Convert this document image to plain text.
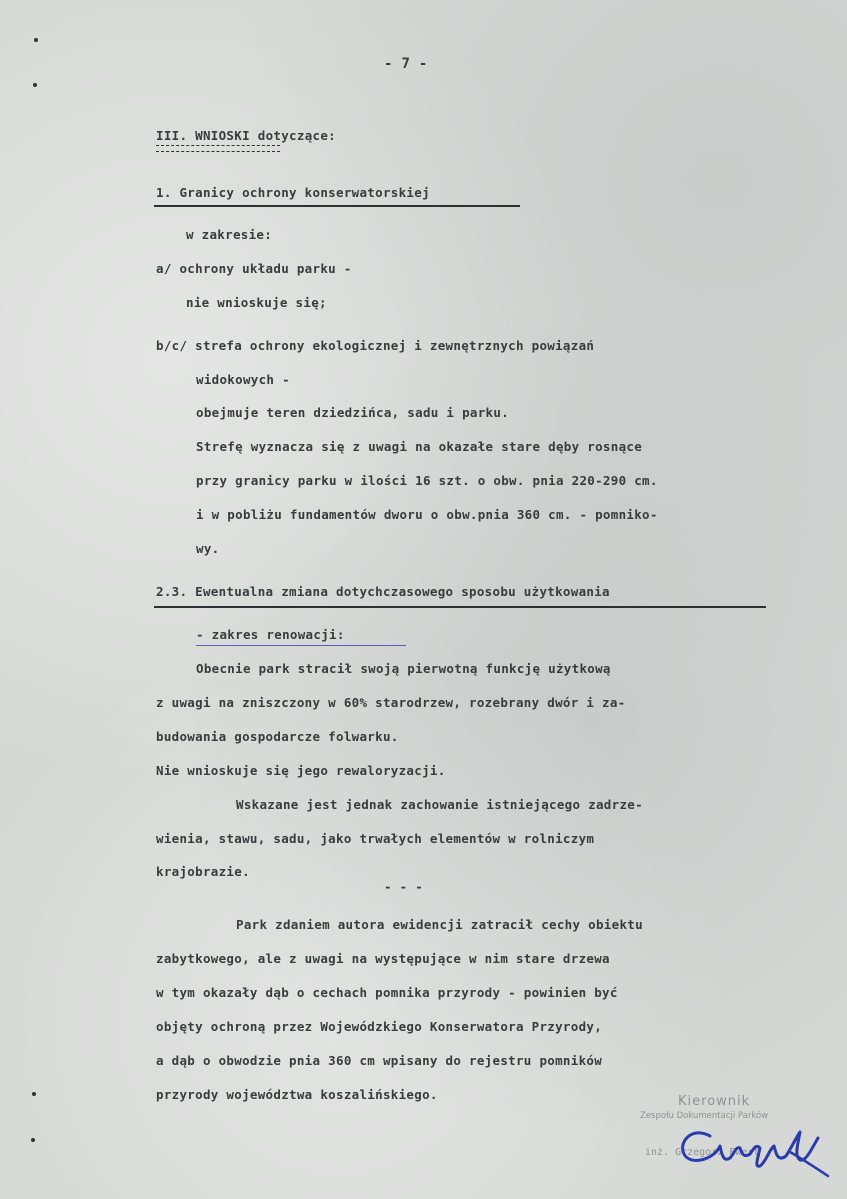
- 7 -
III. WNIOSKI dotyczące:
1. Granicy ochrony konserwatorskiej
w zakresie:
a/ ochrony układu parku -
nie wnioskuje się;
b/c/ strefa ochrony ekologicznej i zewnętrznych powiązań
widokowych -
obejmuje teren dziedzińca, sadu i parku.
Strefę wyznacza się z uwagi na okazałe stare dęby rosnące
przy granicy parku w ilości 16 szt. o obw. pnia 220-290 cm.
i w pobliżu fundamentów dworu o obw.pnia 360 cm. - pomniko-
wy.
2.3. Ewentualna zmiana dotychczasowego sposobu użytkowania
- zakres renowacji:
Obecnie park stracił swoją pierwotną funkcję użytkową
z uwagi na zniszczony w 60% starodrzew, rozebrany dwór i za-
budowania gospodarcze folwarku.
Nie wnioskuje się jego rewaloryzacji.
Wskazane jest jednak zachowanie istniejącego zadrze-
wienia, stawu, sadu, jako trwałych elementów w rolniczym
krajobrazie.
- - -
Park zdaniem autora ewidencji zatracił cechy obiektu
zabytkowego, ale z uwagi na występujące w nim stare drzewa
w tym okazały dąb o cechach pomnika przyrody - powinien być
objęty ochroną przez Wojewódzkiego Konserwatora Przyrody,
a dąb o obwodzie pnia 360 cm wpisany do rejestru pomników
przyrody województwa koszalińskiego.	Kierownik
Zespołu Dokumentacji Parków
inż. Grzegorz Ewert
